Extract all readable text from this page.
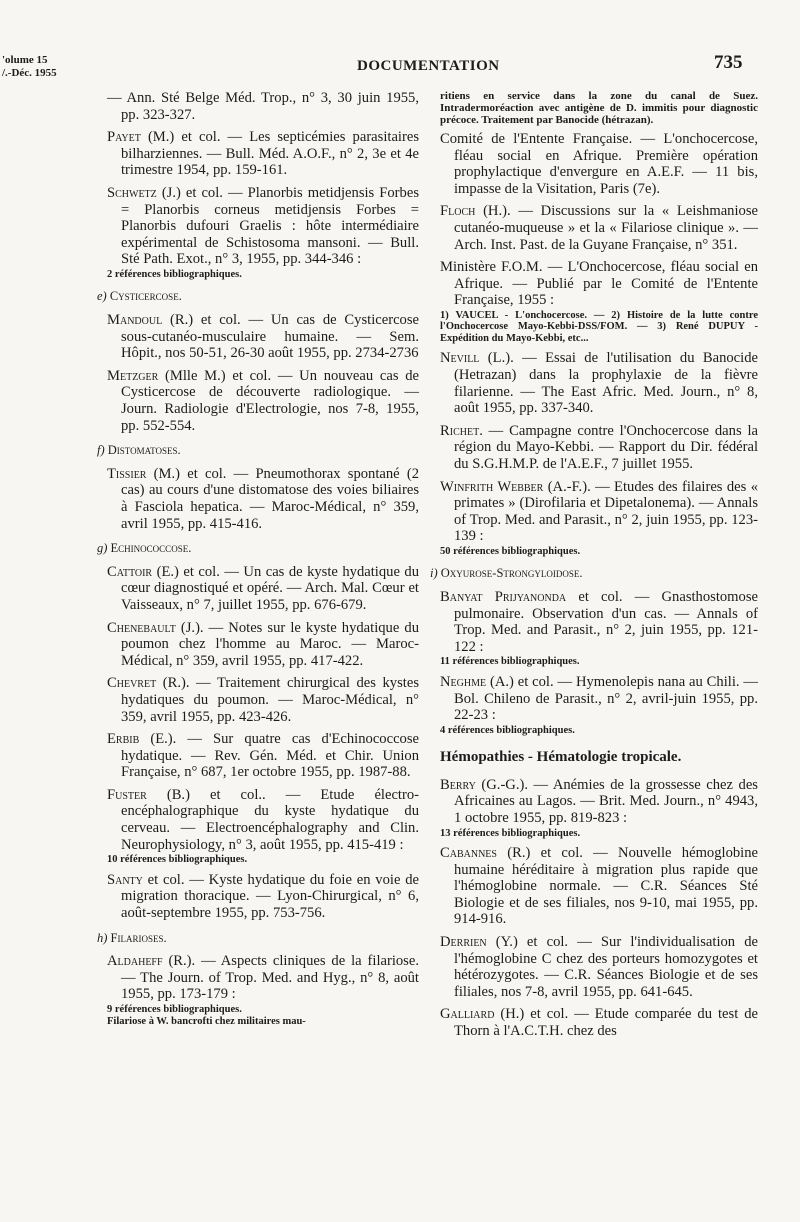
'olume 15
/.-Déc. 1955	DOCUMENTATION	735
— Ann. Sté Belge Méd. Trop., n° 3, 30 juin 1955, pp. 323-327.
Payet (M.) et col. — Les septicémies parasitaires bilharziennes. — Bull. Méd. A.O.F., n° 2, 3e et 4e trimestre 1954, pp. 159-161.
Schwetz (J.) et col. — Planorbis metidjensis Forbes = Planorbis corneus metidjensis Forbes = Planorbis dufouri Graelis : hôte intermédiaire expérimental de Schistosoma mansoni. — Bull. Sté Path. Exot., n° 3, 1955, pp. 344-346 :
2 références bibliographiques.
e) Cysticercose.
Mandoul (R.) et col. — Un cas de Cysticercose sous-cutanéo-musculaire humaine. — Sem. Hôpit., nos 50-51, 26-30 août 1955, pp. 2734-2736
Metzger (Mlle M.) et col. — Un nouveau cas de Cysticercose de découverte radiologique. — Journ. Radiologie d'Electrologie, nos 7-8, 1955, pp. 552-554.
f) Distomatoses.
Tissier (M.) et col. — Pneumothorax spontané (2 cas) au cours d'une distomatose des voies biliaires à Fasciola hepatica. — Maroc-Médical, n° 359, avril 1955, pp. 415-416.
g) Echinococcose.
Cattoir (E.) et col. — Un cas de kyste hydatique du cœur diagnostiqué et opéré. — Arch. Mal. Cœur et Vaisseaux, n° 7, juillet 1955, pp. 676-679.
Chenebault (J.). — Notes sur le kyste hydatique du poumon chez l'homme au Maroc. — Maroc-Médical, n° 359, avril 1955, pp. 417-422.
Chevret (R.). — Traitement chirurgical des kystes hydatiques du poumon. — Maroc-Médical, n° 359, avril 1955, pp. 423-426.
Erbib (E.). — Sur quatre cas d'Echinococcose hydatique. — Rev. Gén. Méd. et Chir. Union Française, n° 687, 1er octobre 1955, pp. 1987-88.
Fuster (B.) et col.. — Etude électro-encéphalographique du kyste hydatique du cerveau. — Electroencéphalography and Clin. Neurophysiology, n° 3, août 1955, pp. 415-419 :
10 références bibliographiques.
Santy et col. — Kyste hydatique du foie en voie de migration thoracique. — Lyon-Chirurgical, n° 6, août-septembre 1955, pp. 753-756.
h) Filarioses.
Aldaheff (R.). — Aspects cliniques de la filariose. — The Journ. of Trop. Med. and Hyg., n° 8, août 1955, pp. 173-179 :
9 références bibliographiques.
Filariose à W. bancrofti chez militaires mau-
ritiens en service dans la zone du canal de Suez. Intradermoréaction avec antigène de D. immitis pour diagnostic précoce. Traitement par Banocide (hétrazan).
Comité de l'Entente Française. — L'onchocercose, fléau social en Afrique. Première opération prophylactique d'envergure en A.E.F. — 11 bis, impasse de la Visitation, Paris (7e).
Floch (H.). — Discussions sur la « Leishmaniose cutanéo-muqueuse » et la « Filariose clinique ». — Arch. Inst. Past. de la Guyane Française, n° 351.
Ministère F.O.M. — L'Onchocercose, fléau social en Afrique. — Publié par le Comité de l'Entente Française, 1955 :
1) VAUCEL - L'onchocercose. — 2) Histoire de la lutte contre l'Onchocercose Mayo-Kebbi-DSS/FOM. — 3) René DUPUY - Expédition du Mayo-Kebbi, etc...
Nevill (L.). — Essai de l'utilisation du Banocide (Hetrazan) dans la prophylaxie de la fièvre filarienne. — The East Afric. Med. Journ., n° 8, août 1955, pp. 337-340.
Richet. — Campagne contre l'Onchocercose dans la région du Mayo-Kebbi. — Rapport du Dir. fédéral du S.G.H.M.P. de l'A.E.F., 7 juillet 1955.
Winfrith Webber (A.-F.). — Etudes des filaires des « primates » (Dirofilaria et Dipetalonema). — Annals of Trop. Med. and Parasit., n° 2, juin 1955, pp. 123-139 :
50 références bibliographiques.
i) Oxyurose-Strongyloidose.
Banyat Prijyanonda et col. — Gnasthostomose pulmonaire. Observation d'un cas. — Annals of Trop. Med. and Parasit., n° 2, juin 1955, pp. 121-122 :
11 références bibliographiques.
Neghme (A.) et col. — Hymenolepis nana au Chili. — Bol. Chileno de Parasit., n° 2, avril-juin 1955, pp. 22-23 :
4 références bibliographiques.
Hémopathies - Hématologie tropicale.
Berry (G.-G.). — Anémies de la grossesse chez des Africaines au Lagos. — Brit. Med. Journ., n° 4943, 1 octobre 1955, pp. 819-823 :
13 références bibliographiques.
Cabannes (R.) et col. — Nouvelle hémoglobine humaine héréditaire à migration plus rapide que l'hémoglobine normale. — C.R. Séances Sté Biologie et de ses filiales, nos 9-10, mai 1955, pp. 914-916.
Derrien (Y.) et col. — Sur l'individualisation de l'hémoglobine C chez des porteurs homozygotes et hétérozygotes. — C.R. Séances Biologie et de ses filiales, nos 7-8, avril 1955, pp. 641-645.
Galliard (H.) et col. — Etude comparée du test de Thorn à l'A.C.T.H. chez des
